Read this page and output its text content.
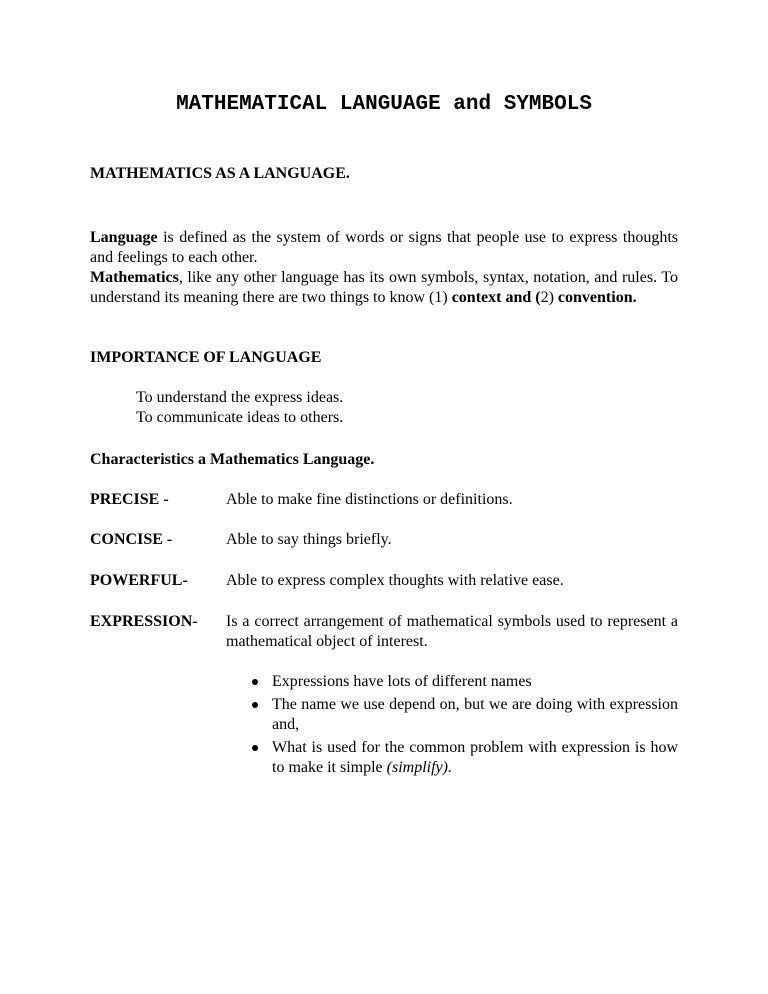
MATHEMATICAL LANGUAGE and SYMBOLS

MATHEMATICS AS A LANGUAGE.

Language is defined as the system of words or signs that people use to express thoughts and feelings to each other.

Mathematics, like any other language has its own symbols, syntax, notation, and rules. To understand its meaning there are two things to know (1) context and (2) convention.

IMPORTANCE OF LANGUAGE

To understand the express ideas.

To communicate ideas to others.

Characteristics a Mathematics Language.

PRECISE -	Able to make fine distinctions or definitions.
CONCISE -	Able to say things briefly.
POWERFUL- Able to express complex thoughts with relative ease.
EXPRESSION- Is a correct arrangement of mathematical symbols used to represent a mathematical object of interest.
Expressions have lots of different names
The name we use depend on, but we are doing with expression and,
What is used for the common problem with expression is how to make it simple (simplify).
